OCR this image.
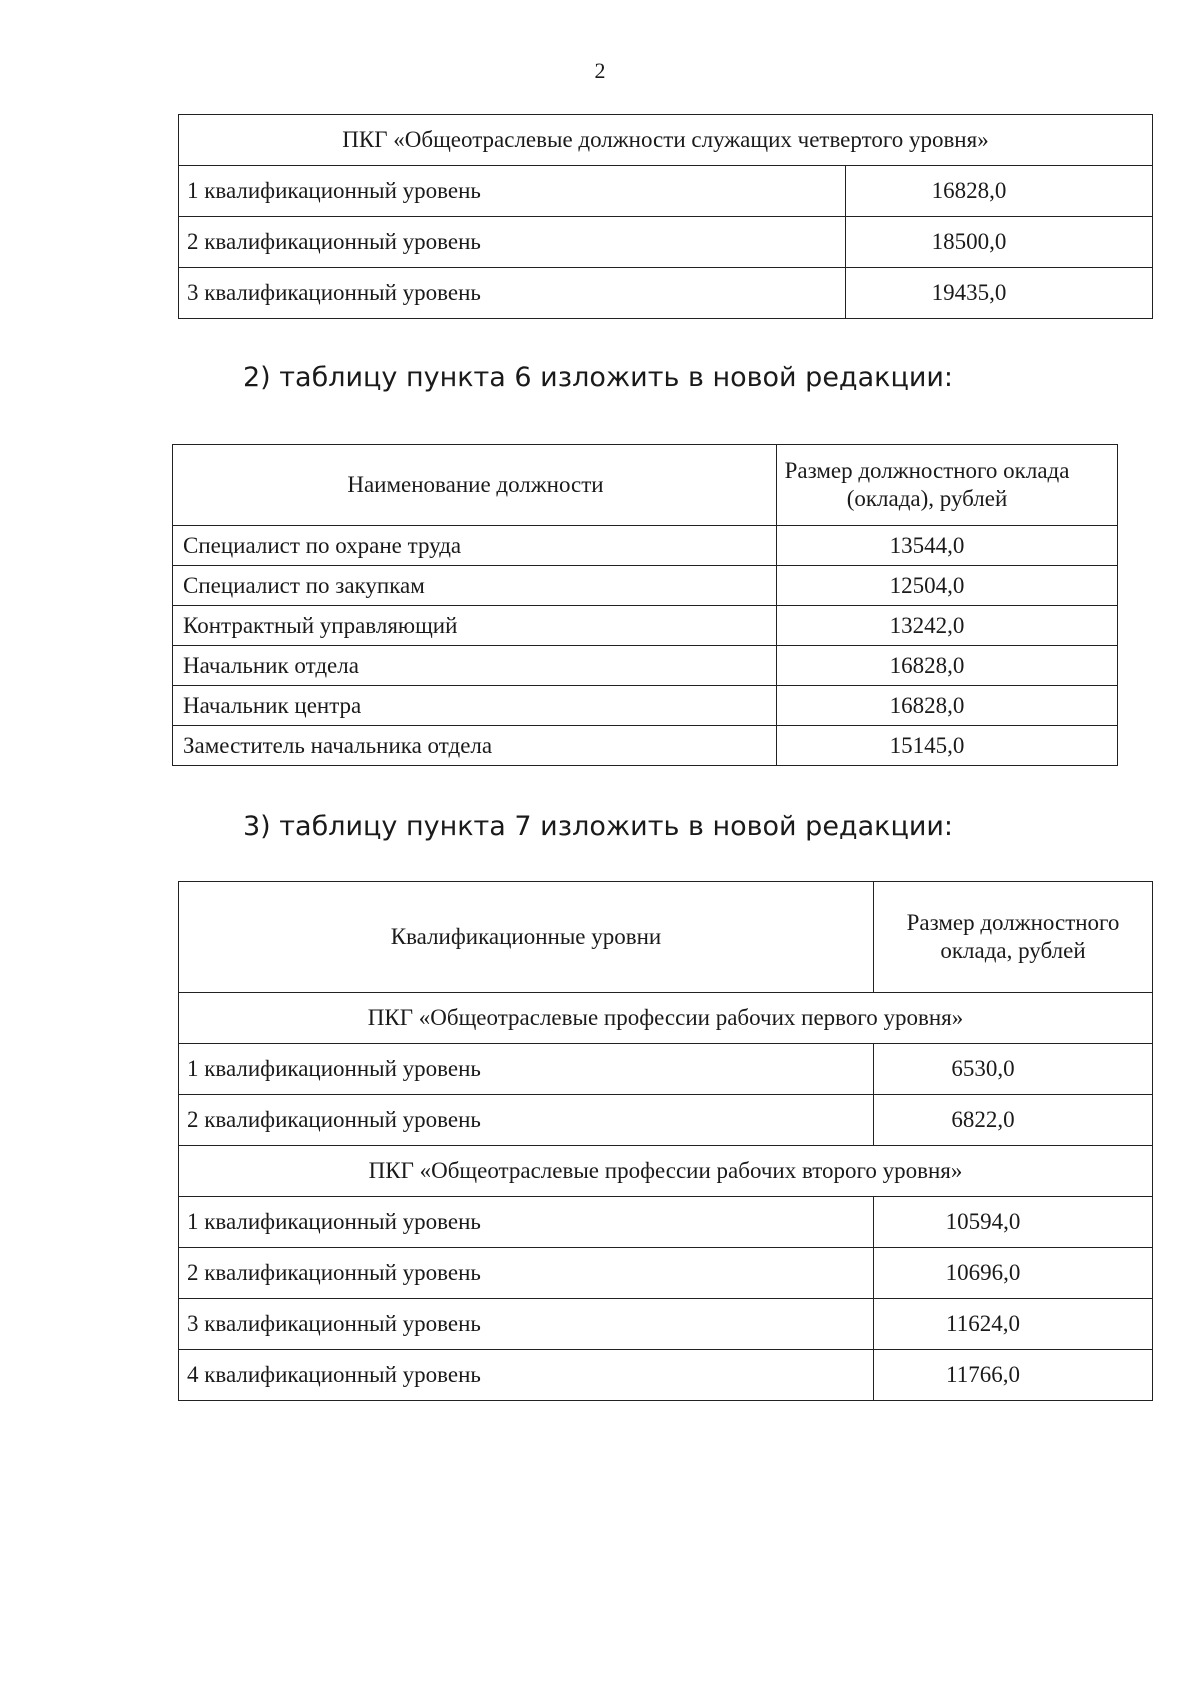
2
ПКГ «Общеотраслевые должности служащих четвертого уровня»	
1 квалификационный уровень	16828,0
2 квалификационный уровень	18500,0
3 квалификационный уровень	19435,0
2) таблицу пункта 6 изложить в новой редакции:
Наименование должности	Размер должностного оклада (оклада), рублей
Специалист по охране труда	13544,0
Специалист по закупкам	12504,0
Контрактный управляющий	13242,0
Начальник отдела	16828,0
Начальник центра	16828,0
Заместитель начальника отдела	15145,0
3) таблицу пункта 7 изложить в новой редакции:
Квалификационные уровни	Размер должностного оклада, рублей
ПКГ «Общеотраслевые профессии рабочих первого уровня»	
1 квалификационный уровень	6530,0
2 квалификационный уровень	6822,0
ПКГ «Общеотраслевые профессии рабочих второго уровня»	
1 квалификационный уровень	10594,0
2 квалификационный уровень	10696,0
3 квалификационный уровень	11624,0
4 квалификационный уровень	11766,0
